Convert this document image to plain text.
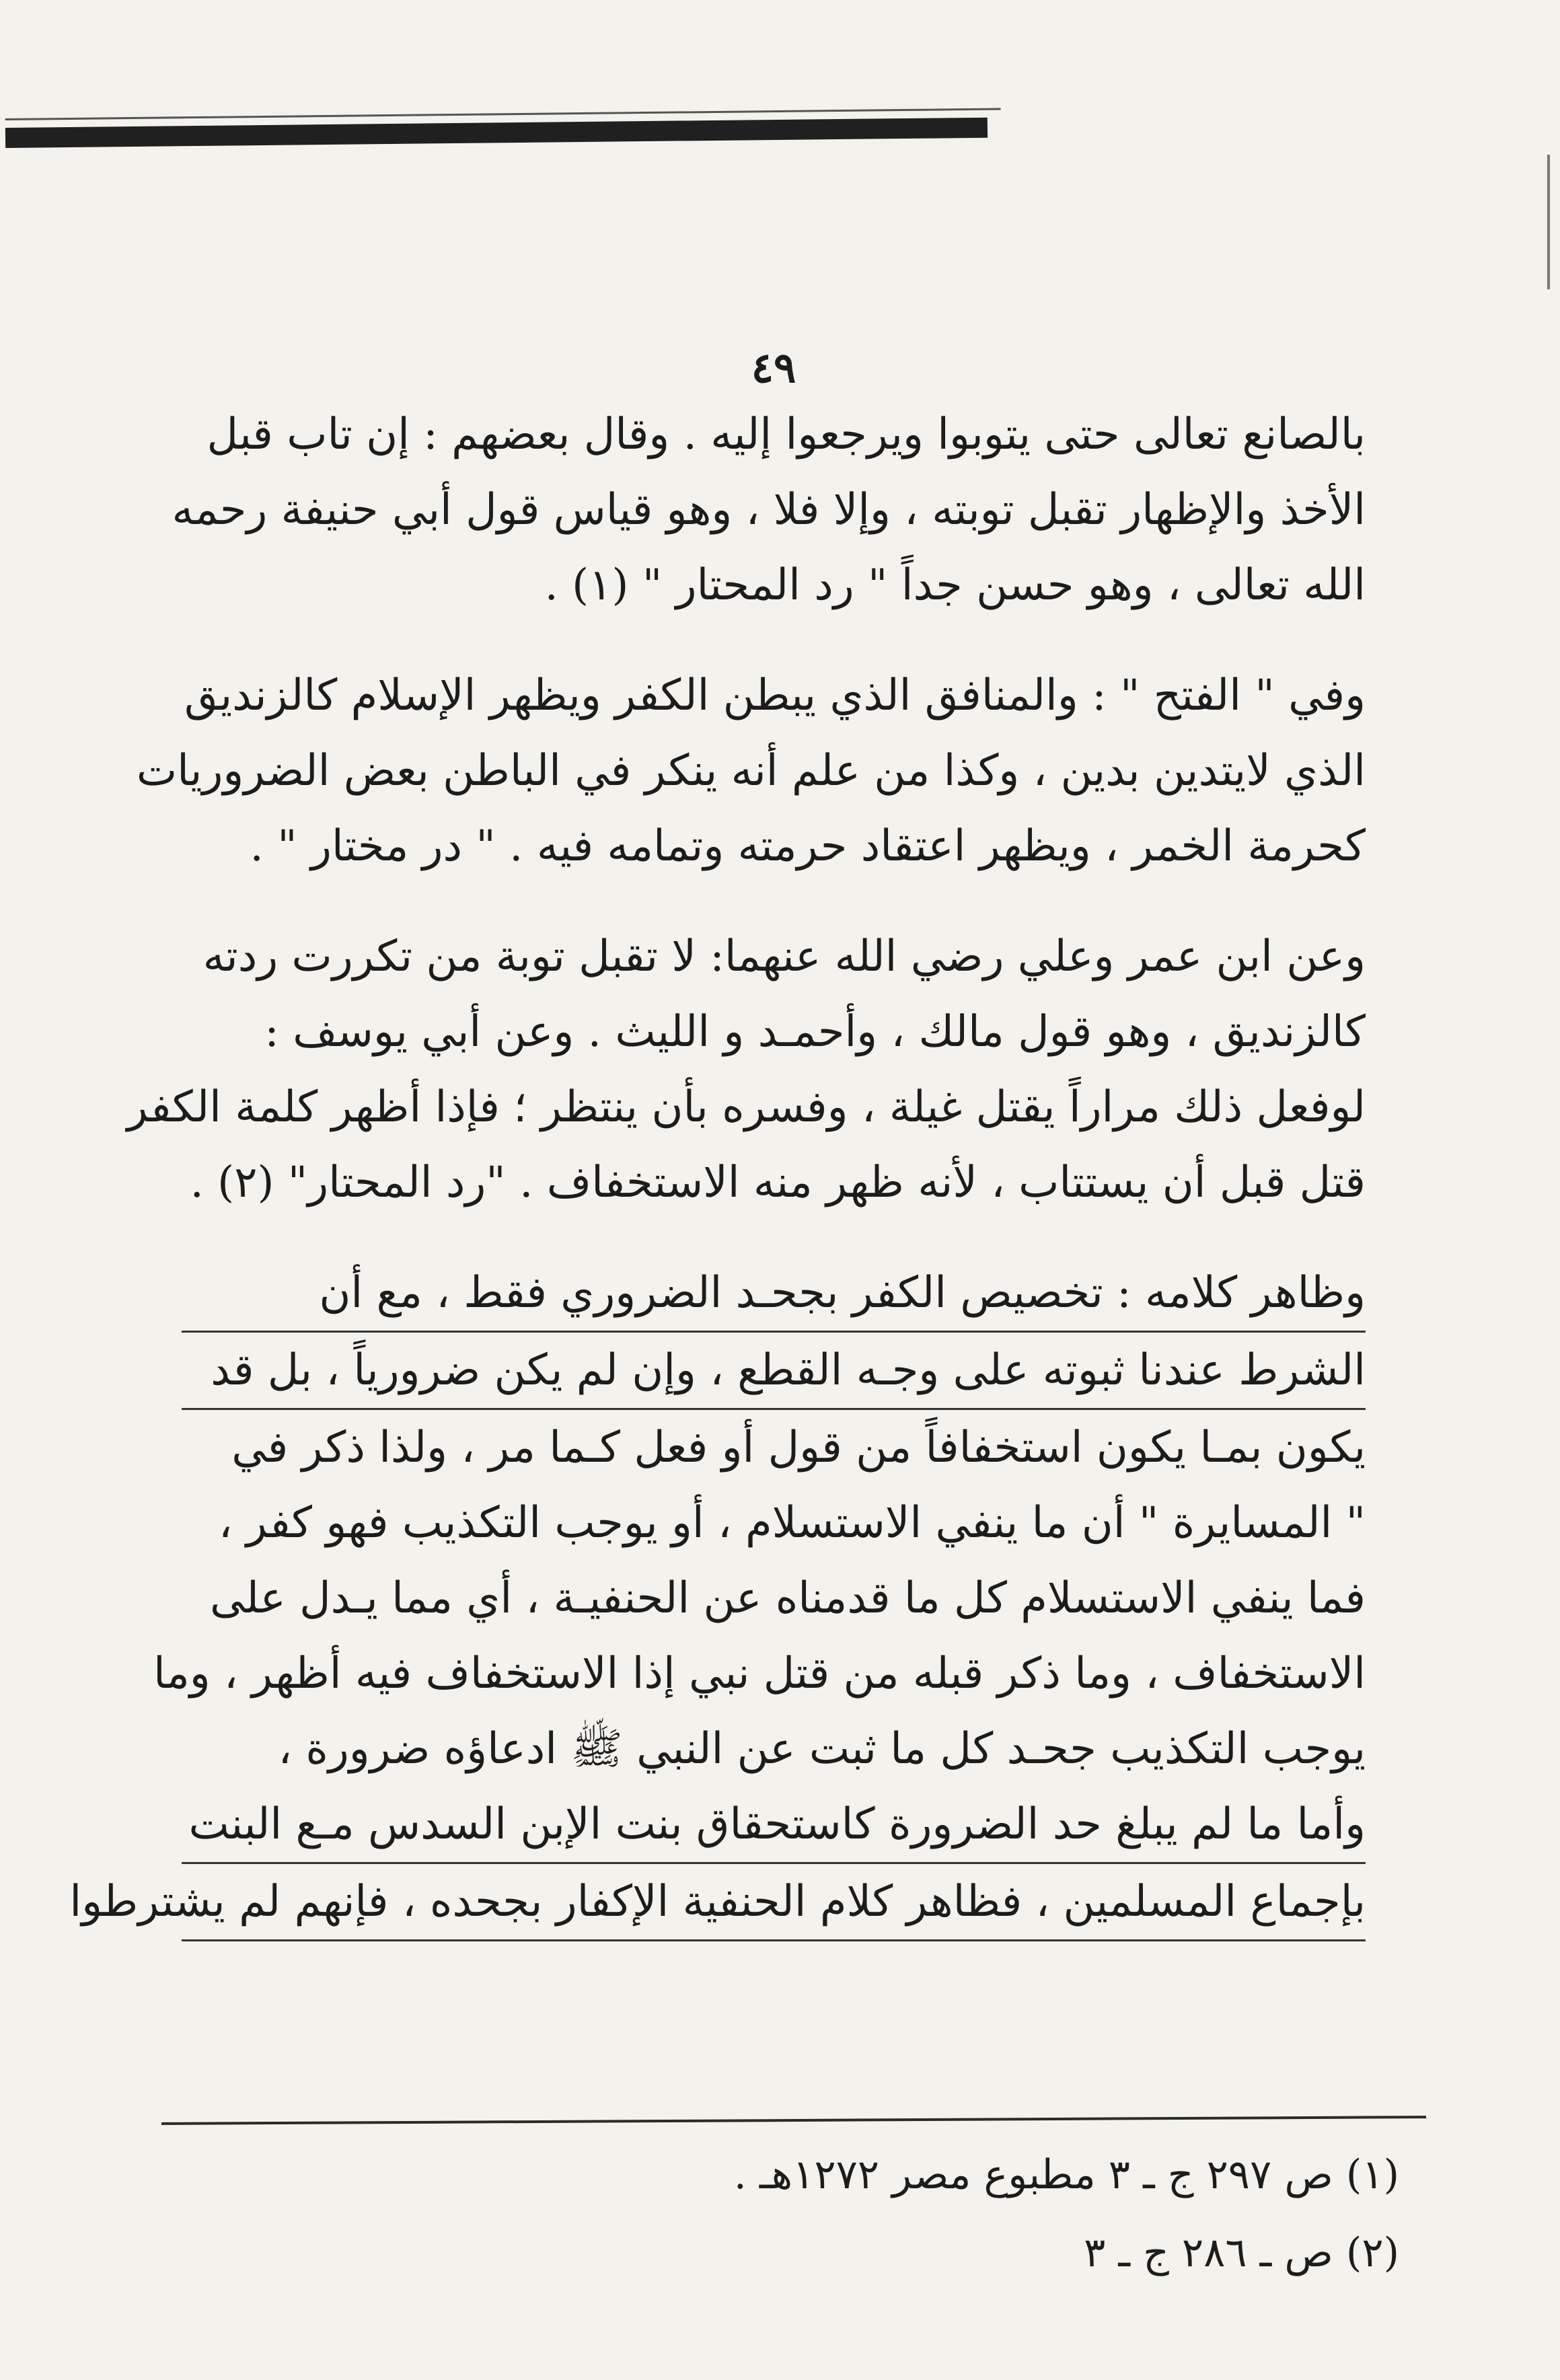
٤٩

بالصانع تعالى حتى يتوبوا ويرجعوا إليه . وقال بعضهم : إن تاب قبل
الأخذ والإظهار تقبل توبته ، وإلا فلا ، وهو قياس قول أبي حنيفة رحمه
الله تعالى ، وهو حسن جداً " رد المحتار " (١) .

وفي " الفتح " : والمنافق الذي يبطن الكفر ويظهر الإسلام كالزنديق
الذي لايتدين بدين ، وكذا من علم أنه ينكر في الباطن بعض الضروريات
كحرمة الخمر ، ويظهر اعتقاد حرمته وتمامه فيه . " در مختار " .

وعن ابن عمر وعلي رضي الله عنهما: لا تقبل توبة من تكررت ردته
كالزنديق ، وهو قول مالك ، وأحمـد و الليث . وعن أبي يوسف :
لوفعل ذلك مراراً يقتل غيلة ، وفسره بأن ينتظر ؛ فإذا أظهر كلمة الكفر
قتل قبل أن يستتاب ، لأنه ظهر منه الاستخفاف . "رد المحتار" (٢) .

وظاهر كلامه : تخصيص الكفر بجحـد الضروري فقط ، مع أن
الشرط عندنا ثبوته على وجـه القطع ، وإن لم يكن ضرورياً ، بل قد
يكون بمـا يكون استخفافاً من قول أو فعل كـما مر ، ولذا ذكر في
" المسايرة " أن ما ينفي الاستسلام ، أو يوجب التكذيب فهو كفر ،
فما ينفي الاستسلام كل ما قدمناه عن الحنفيـة ، أي مما يـدل على
الاستخفاف ، وما ذكر قبله من قتل نبي إذا الاستخفاف فيه أظهر ، وما
يوجب التكذيب جحـد كل ما ثبت عن النبي ﷺ ادعاؤه ضرورة ،
وأما ما لم يبلغ حد الضرورة كاستحقاق بنت الإبن السدس مـع البنت
بإجماع المسلمين ، فظاهر كلام الحنفية الإكفار بجحده ، فإنهم لم يشترطوا

(١) ص ٢٩٧ ج ـ ٣ مطبوع مصر ١٢٧٢هـ .
(٢) ص ـ ٢٨٦ ج ـ ٣
